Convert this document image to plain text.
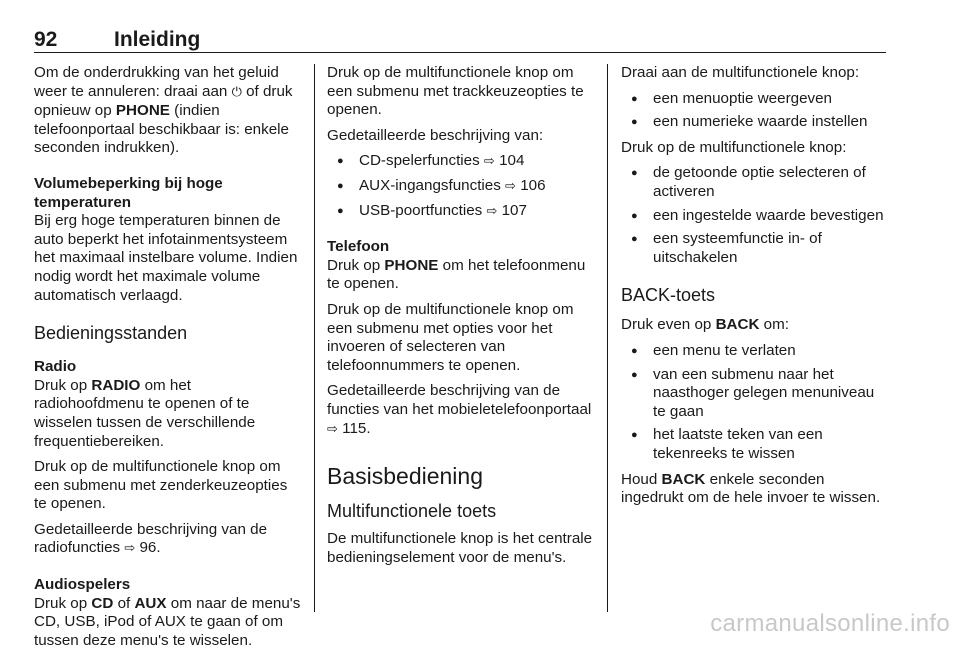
92	Inleiding

Om de onderdrukking van het geluid weer te annuleren: draai aan ⏻ of druk opnieuw op PHONE (indien telefoonportaal beschikbaar is: enkele seconden indrukken).

Volumebeperking bij hoge temperaturen

Bij erg hoge temperaturen binnen de auto beperkt het infotainmentsysteem het maximaal instelbare volume. Indien nodig wordt het maximale volume automatisch verlaagd.

Bedieningsstanden
Radio

Druk op RADIO om het radiohoofdmenu te openen of te wisselen tussen de verschillende frequentiebereiken.

Druk op de multifunctionele knop om een submenu met zenderkeuzeopties te openen.

Gedetailleerde beschrijving van de radiofuncties ⇨ 96.

Audiospelers

Druk op CD of AUX om naar de menu's CD, USB, iPod of AUX te gaan of om tussen deze menu's te wisselen.

Druk op de multifunctionele knop om een submenu met trackkeuzeopties te openen.

Gedetailleerde beschrijving van:

● CD-spelerfuncties ⇨ 104
● AUX-ingangsfuncties ⇨ 106
● USB-poortfuncties ⇨ 107
Telefoon

Druk op PHONE om het telefoonmenu te openen.

Druk op de multifunctionele knop om een submenu met opties voor het invoeren of selecteren van telefoonnummers te openen.

Gedetailleerde beschrijving van de functies van het mobieletelefoonportaal ⇨ 115.

Basisbediening
Multifunctionele toets

De multifunctionele knop is het centrale bedieningselement voor de menu's.

Draai aan de multifunctionele knop:

● een menuoptie weergeven
● een numerieke waarde instellen

Druk op de multifunctionele knop:

● de getoonde optie selecteren of activeren
● een ingestelde waarde bevestigen
● een systeemfunctie in- of uitschakelen
BACK-toets

Druk even op BACK om:

● een menu te verlaten
● van een submenu naar het naasthoger gelegen menuniveau te gaan
● het laatste teken van een tekenreeks te wissen

Houd BACK enkele seconden ingedrukt om de hele invoer te wissen.

carmanualsonline.info
